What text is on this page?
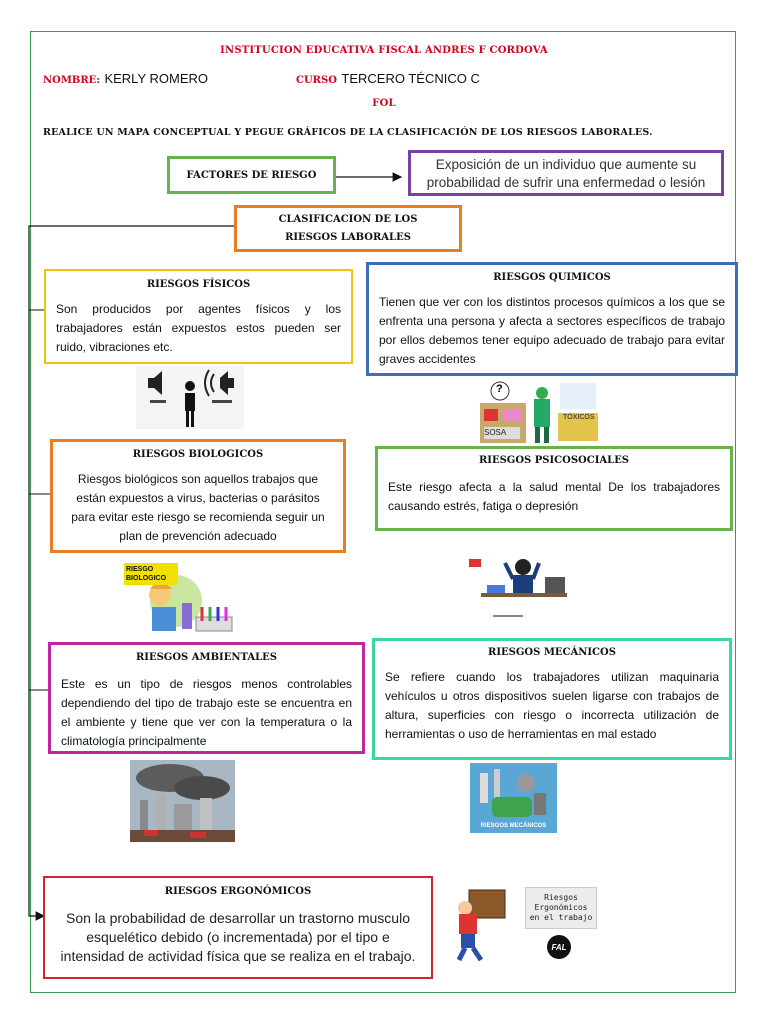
INSTITUCION EDUCATIVA FISCAL ANDRES F CORDOVA
NOMBRE: KERLY ROMERO	CURSO TERCERO TÉCNICO C
FOL
REALICE UN MAPA CONCEPTUAL Y PEGUE GRÁFICOS DE LA CLASIFICACIÓN DE LOS RIESGOS LABORALES.
FACTORES DE RIESGO
Exposición de un individuo que aumente su probabilidad de sufrir una enfermedad o lesión
CLASIFICACION DE LOS RIESGOS LABORALES
RIESGOS FÍSICOS
Son producidos por agentes físicos y los trabajadores están expuestos estos pueden ser ruido, vibraciones etc.
RIESGOS QUIMICOS
Tienen que ver con los distintos procesos químicos a los que se enfrenta una persona y afecta a sectores específicos de trabajo por ellos debemos tener equipo adecuado de trabajo para evitar graves accidentes
?
SOSA
TÓXICOS
RIESGOS BIOLOGICOS
Riesgos biológicos son aquellos trabajos que están expuestos a virus, bacterias o parásitos para evitar este riesgo se recomienda seguir un plan de prevención adecuado
RIESGOS PSICOSOCIALES
Este riesgo afecta a la salud mental De los trabajadores causando estrés, fatiga o depresión
RIESGO BIOLOGICO
RIESGOS AMBIENTALES
Este es un tipo de riesgos menos controlables dependiendo del tipo de trabajo este se encuentra en el ambiente y tiene que ver con la temperatura o la climatología principalmente
RIESGOS MECÁNICOS
Se refiere cuando los trabajadores utilizan maquinaria vehículos u otros dispositivos suelen ligarse con trabajos de altura, superficies con riesgo o incorrecta utilización de herramientas o uso de herramientas en mal estado
RIESGOS MECÁNICOS
RIESGOS ERGONÓMICOS
Son la probabilidad de desarrollar un trastorno musculo esquelético debido (o incrementada) por el tipo e intensidad de actividad física que se realiza en el trabajo.
Riesgos Ergonómicos en el trabajo
FAL
